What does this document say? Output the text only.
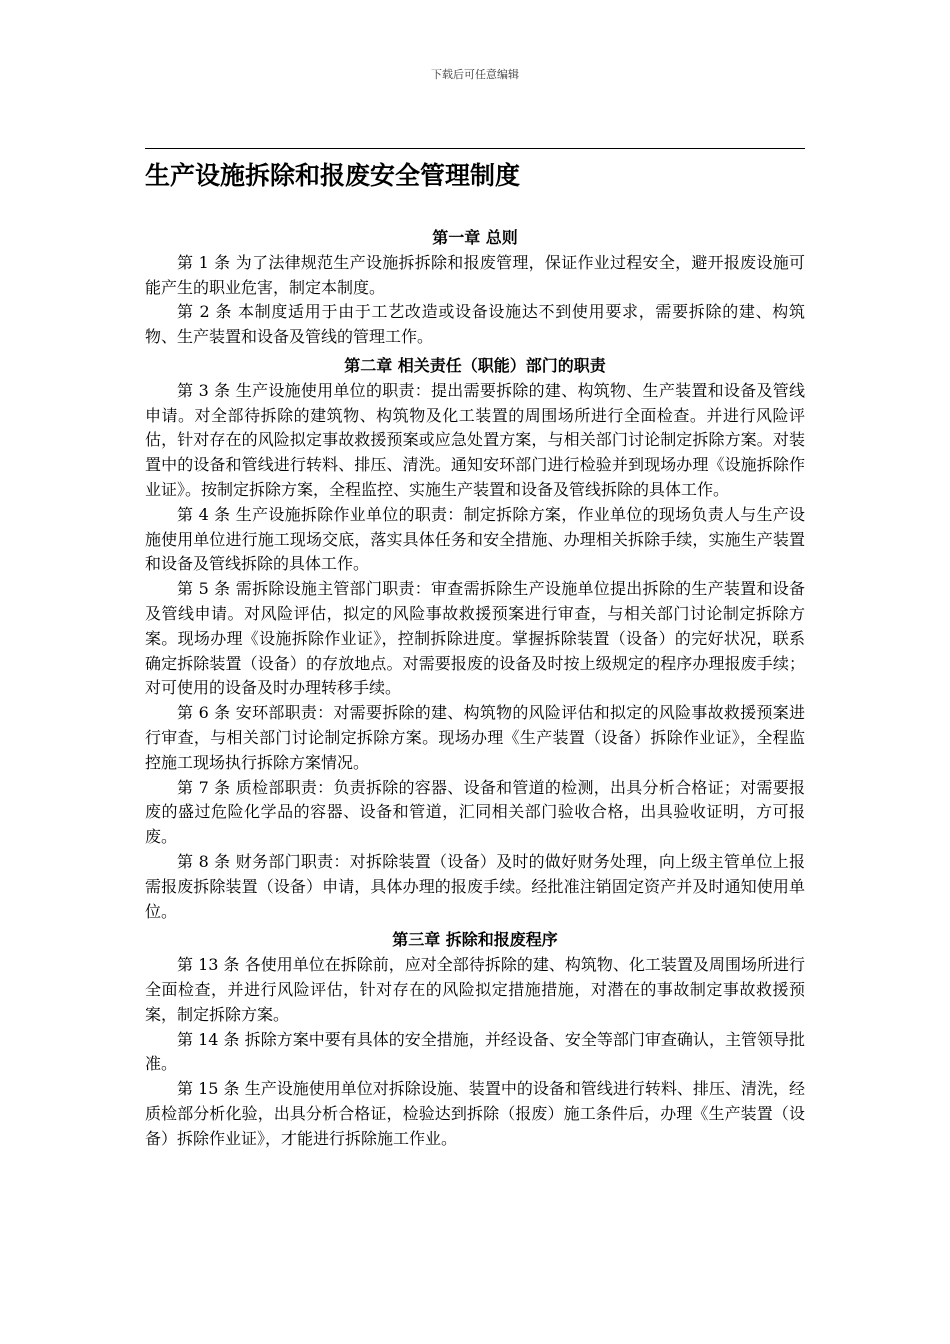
下载后可任意编辑
生产设施拆除和报废安全管理制度
第一章 总则

第 1 条 为了法律规范生产设施拆拆除和报废管理，保证作业过程安全，避开报废设施可能产生的职业危害，制定本制度。

第 2 条 本制度适用于由于工艺改造或设备设施达不到使用要求，需要拆除的建、构筑物、生产装置和设备及管线的管理工作。

第二章 相关责任（职能）部门的职责

第 3 条 生产设施使用单位的职责：提出需要拆除的建、构筑物、生产装置和设备及管线申请。对全部待拆除的建筑物、构筑物及化工装置的周围场所进行全面检查。并进行风险评估，针对存在的风险拟定事故救援预案或应急处置方案，与相关部门讨论制定拆除方案。对装置中的设备和管线进行转料、排压、清洗。通知安环部门进行检验并到现场办理《设施拆除作业证》。按制定拆除方案，全程监控、实施生产装置和设备及管线拆除的具体工作。

第 4 条 生产设施拆除作业单位的职责：制定拆除方案，作业单位的现场负责人与生产设施使用单位进行施工现场交底，落实具体任务和安全措施、办理相关拆除手续，实施生产装置和设备及管线拆除的具体工作。

第 5 条 需拆除设施主管部门职责：审查需拆除生产设施单位提出拆除的生产装置和设备及管线申请。对风险评估，拟定的风险事故救援预案进行审查，与相关部门讨论制定拆除方案。现场办理《设施拆除作业证》，控制拆除进度。掌握拆除装置（设备）的完好状况，联系确定拆除装置（设备）的存放地点。对需要报废的设备及时按上级规定的程序办理报废手续；对可使用的设备及时办理转移手续。

第 6 条 安环部职责：对需要拆除的建、构筑物的风险评估和拟定的风险事故救援预案进行审查，与相关部门讨论制定拆除方案。现场办理《生产装置（设备）拆除作业证》，全程监控施工现场执行拆除方案情况。

第 7 条 质检部职责：负责拆除的容器、设备和管道的检测，出具分析合格证；对需要报废的盛过危险化学品的容器、设备和管道，汇同相关部门验收合格，出具验收证明，方可报废。

第 8 条 财务部门职责：对拆除装置（设备）及时的做好财务处理，向上级主管单位上报需报废拆除装置（设备）申请，具体办理的报废手续。经批准注销固定资产并及时通知使用单位。

第三章 拆除和报废程序

第 13 条 各使用单位在拆除前，应对全部待拆除的建、构筑物、化工装置及周围场所进行全面检查，并进行风险评估，针对存在的风险拟定措施措施，对潜在的事故制定事故救援预案，制定拆除方案。

第 14 条 拆除方案中要有具体的安全措施，并经设备、安全等部门审查确认，主管领导批准。

第 15 条 生产设施使用单位对拆除设施、装置中的设备和管线进行转料、排压、清洗，经质检部分析化验，出具分析合格证，检验达到拆除（报废）施工条件后，办理《生产装置（设备）拆除作业证》，才能进行拆除施工作业。
